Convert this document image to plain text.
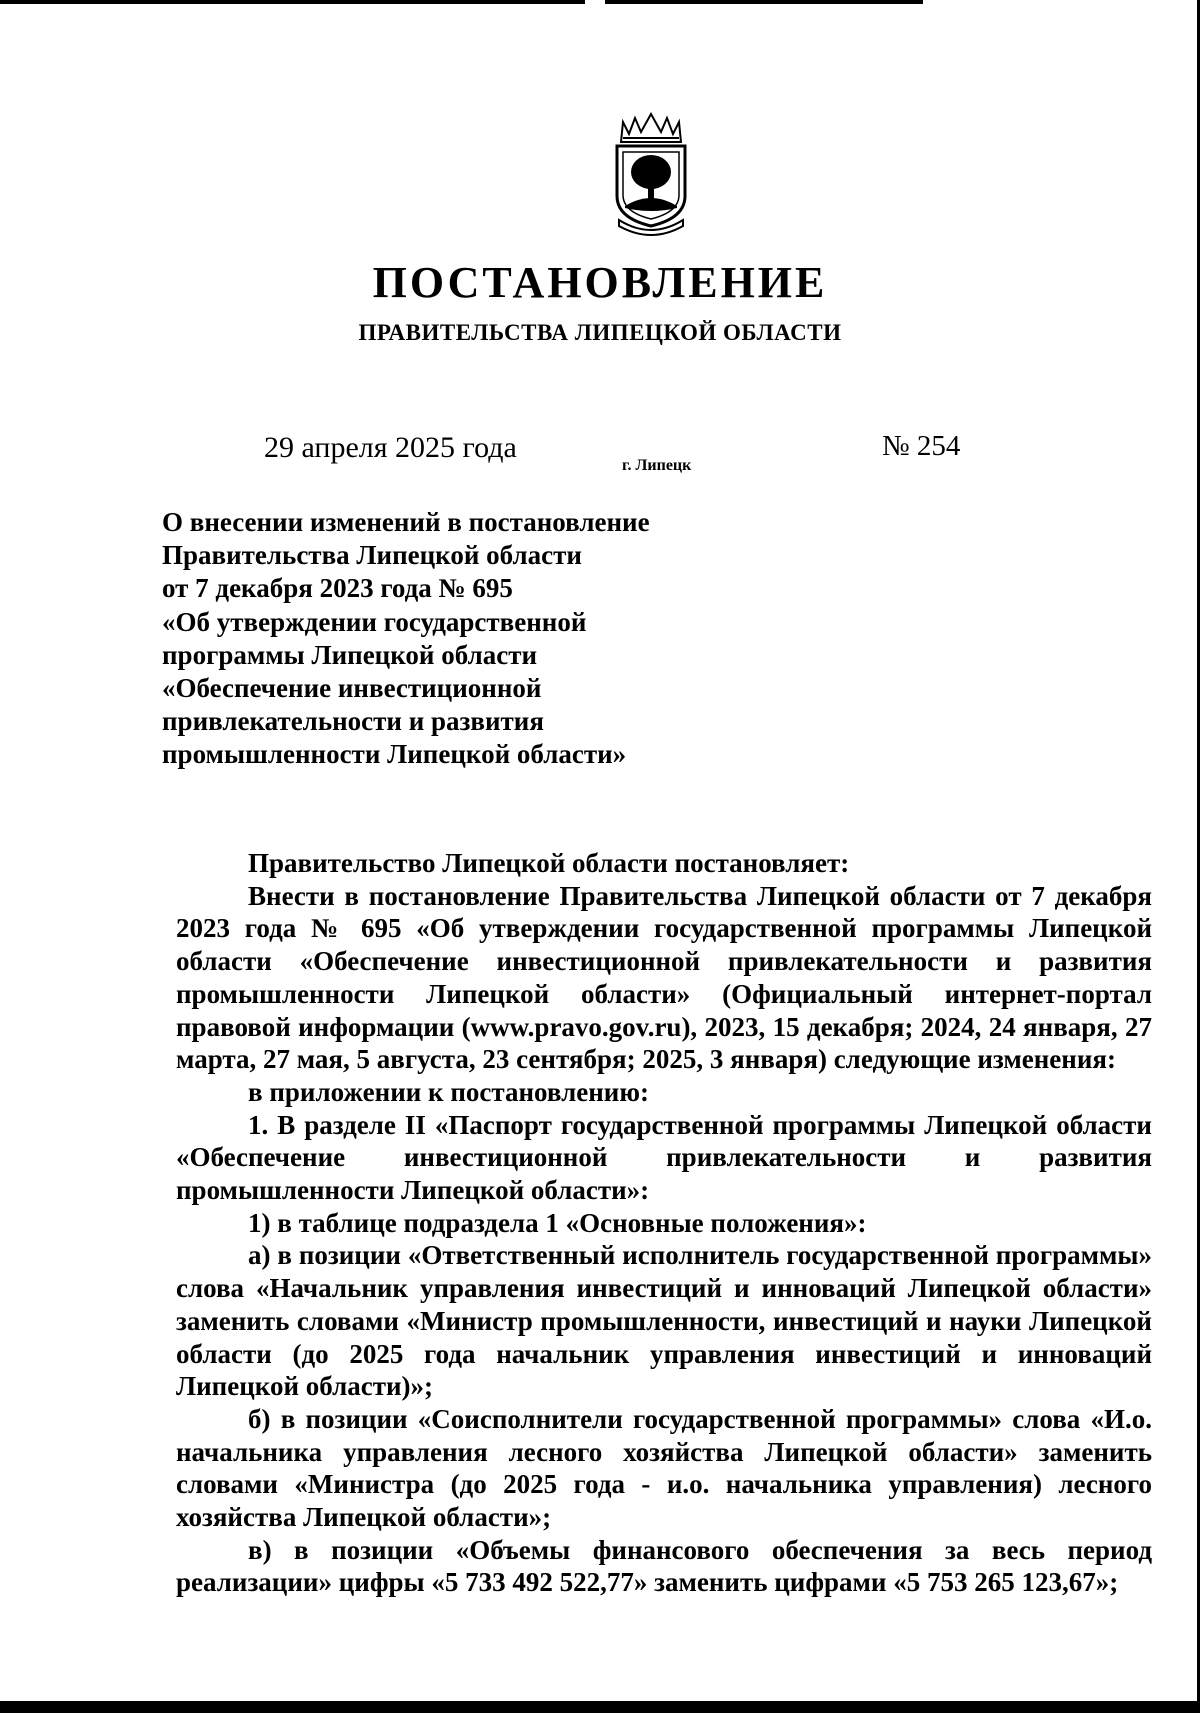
ПОСТАНОВЛЕНИЕ
ПРАВИТЕЛЬСТВА ЛИПЕЦКОЙ ОБЛАСТИ
29 апреля 2025 года
г. Липецк
№ 254
О внесении изменений в постановление
Правительства Липецкой области
от 7 декабря 2023 года № 695
«Об утверждении государственной
программы Липецкой области
«Обеспечение инвестиционной
привлекательности и развития
промышленности Липецкой области»

Правительство Липецкой области постановляет:

Внести в постановление Правительства Липецкой области от 7 декабря 2023 года № 695 «Об утверждении государственной программы Липецкой области «Обеспечение инвестиционной привлекательности и развития промышленности Липецкой области» (Официальный интернет-портал правовой информации (www.pravo.gov.ru), 2023, 15 декабря; 2024, 24 января, 27 марта, 27 мая, 5 августа, 23 сентября; 2025, 3 января) следующие изменения:

в приложении к постановлению:

1. В разделе II «Паспорт государственной программы Липецкой области «Обеспечение инвестиционной привлекательности и развития промышленности Липецкой области»:

1) в таблице подраздела 1 «Основные положения»:

а) в позиции «Ответственный исполнитель государственной программы» слова «Начальник управления инвестиций и инноваций Липецкой области» заменить словами «Министр промышленности, инвестиций и науки Липецкой области (до 2025 года начальник управления инвестиций и инноваций Липецкой области)»;

б) в позиции «Соисполнители государственной программы» слова «И.о. начальника управления лесного хозяйства Липецкой области» заменить словами «Министра (до 2025 года - и.о. начальника управления) лесного хозяйства Липецкой области»;

в) в позиции «Объемы финансового обеспечения за весь период реализации» цифры «5 733 492 522,77» заменить цифрами «5 753 265 123,67»;
